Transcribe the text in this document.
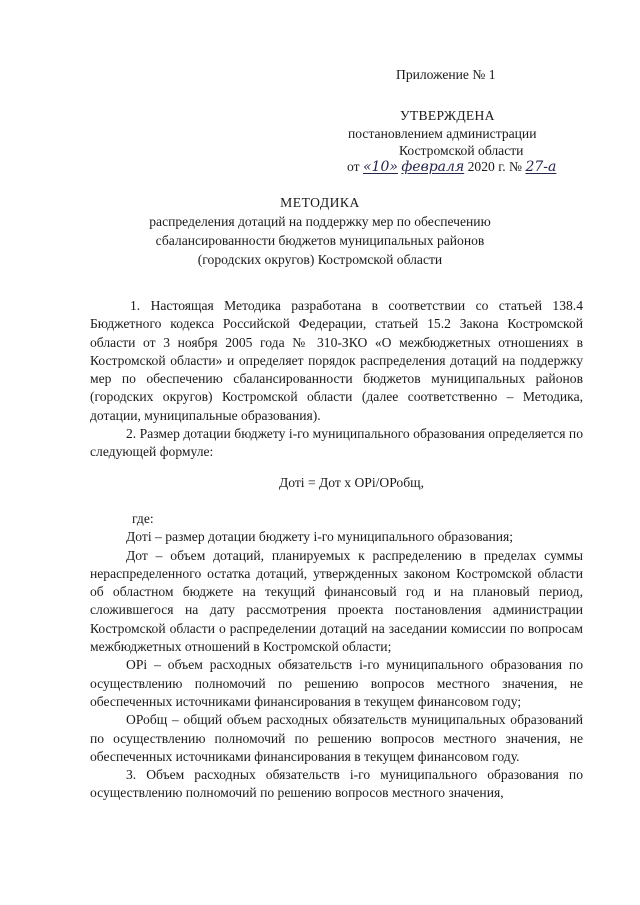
Приложение № 1
УТВЕРЖДЕНА
постановлением администрации
Костромской области
от «10» февраля 2020 г. № 27-а
МЕТОДИКА
распределения дотаций на поддержку мер по обеспечению
сбалансированности бюджетов муниципальных районов
(городских округов) Костромской области

1. Настоящая Методика разработана в соответствии со статьей 138.4 Бюджетного кодекса Российской Федерации, статьей 15.2 Закона Костромской области от 3 ноября 2005 года № 310-ЗКО «О межбюджетных отношениях в Костромской области» и определяет порядок распределения дотаций на поддержку мер по обеспечению сбалансированности бюджетов муниципальных районов (городских округов) Костромской области (далее соответственно – Методика, дотации, муниципальные образования).

2. Размер дотации бюджету i-го муниципального образования определяется по следующей формуле:

Дотi = Дот х ОРi/ОРобщ,

где:

Дотi – размер дотации бюджету i-го муниципального образования;

Дот – объем дотаций, планируемых к распределению в пределах суммы нераспределенного остатка дотаций, утвержденных законом Костромской области об областном бюджете на текущий финансовый год и на плановый период, сложившегося на дату рассмотрения проекта постановления администрации Костромской области о распределении дотаций на заседании комиссии по вопросам межбюджетных отношений в Костромской области;

ОРi – объем расходных обязательств i-го муниципального образования по осуществлению полномочий по решению вопросов местного значения, не обеспеченных источниками финансирования в текущем финансовом году;

ОРобщ – общий объем расходных обязательств муниципальных образований по осуществлению полномочий по решению вопросов местного значения, не обеспеченных источниками финансирования в текущем финансовом году.

3. Объем расходных обязательств i-го муниципального образования по осуществлению полномочий по решению вопросов местного значения,
